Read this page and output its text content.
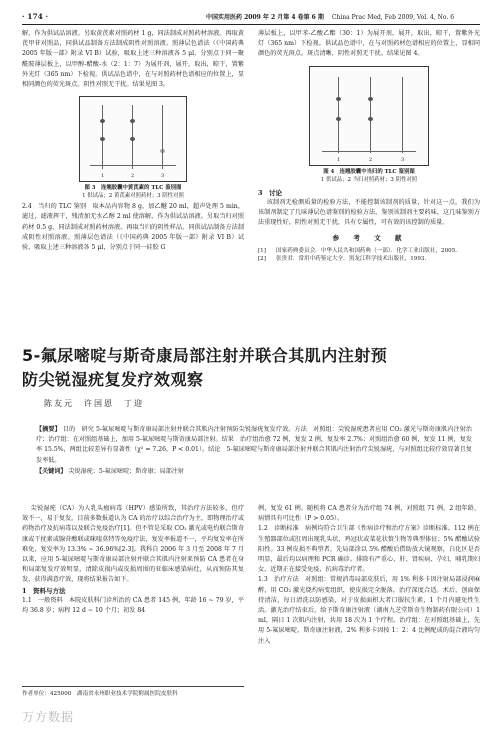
· 174 ·	中国实用医药 2009 年 2 月第 4 卷第 6 期 China Prac Med, Feb 2009, Vol. 4, No. 6

解，作为供试品溶液。另取黄芪素对照药材 1 g，同法制成对照药材溶液。再取黄芪甲苷对照品，同供试品制备方法制成阴性对照溶液。照薄层色谱法（《中国药典 2005 年版一部》附录 VI B）试验，吸取上述三种溶液各 5 μl，分别点于同一聚酰胺薄层板上，以甲醇-醋酸-水（2：1：7）为展开剂，展开，取出，晾干，置紫外光灯（365 nm）下检视。供试品色谱中，在与对照药材色谱相应的位置上，显相同颜色的荧光斑点。阴性对照无干扰。结果见图 3。

1	2	3
图 3　连翘胶囊中黄芪素的 TLC 鉴别图
1 供试品；2 黄芪素对照药材；3 阴性对照

2.4　当归的 TLC 鉴别　取本品内容物 8 g，加乙醚 20 ml，超声处理 5 min，滤过，滤液挥干，残渣加无水乙醇 2 ml 使溶解，作为供试品溶液。另取当归对照药材 0.5 g，同法制成对照药材溶液。再取当归的阴性样品，同供试品制备方法制成阴性对照溶液。照薄层色谱法（《中国药典 2005 年版一部》附录 VI B）试验，吸取上述三种溶液各 5 μl，分别点于同一硅胶 G

薄层板上，以甲苯-乙酸乙酯（30：1）为展开剂，展开，取出，晾干，置紫外光灯（365 nm）下检视。供试品色谱中，在与对照药材色谱相应的位置上，显相同颜色的荧光斑点。斑点清晰，阴性对照无干扰。结果见图 4。

1	2	3
图 4　连翘胶囊中当归的 TLC 鉴别图
1 供试品；2 当归对照药材；3 阴性对照
3　讨论

该制剂无检测质量的检验方法，不能控制该制剂的质量，针对这一点，我们为该制剂制定了几味薄层色谱鉴别的检验方法，鉴别该制剂主要药味，这几味鉴别方法重现性好，阴性对照无干扰，具有专属性，可有效的该控制的质量。

参　考　文　献
[1]	国家药典委员会．中华人民共和国药典（一部）．化学工业出版社，2005．
[2]	张贵君．常用中药鉴定大全．黑龙江科学技术出版社，1993．
5-氟尿嘧啶与斯奇康局部注射并联合其肌内注射预
防尖锐湿疣复发疗效观察
陈友元　许国恩　丁迎
【摘要】 目的　研究 5-氟尿嘧啶与斯奇康局部注射并联合其肌内注射预防尖锐湿疣复发疗效。方法　对照组：尖锐湿疣患者应用 CO₂ 激光与斯奇康肌内注射治疗；治疗组：在对照组基础上，加用 5-氟尿嘧啶与斯奇康局部注射。结果　治疗组治愈 72 例，复发 2 例，复发率 2.7%；对照组治愈 60 例，复发 11 例，复发率 15.5%，两组比较差异有显著性（χ² = 7.26，P < 0.01）。结论　5-氟尿嘧啶与斯奇康局部注射并联合其肌内注射治疗尖锐湿疣，与对照组比较疗效显著且复发率低。
【关键词】 尖锐湿疣；5-氟尿嘧啶；斯奇康；局部注射

尖锐湿疣（CA）为人乳头瘤病毒（HPV）感染所致，其治疗方法较多，但疗效不一，易于复发。目前多数报道认为 CA 的治疗以综合治疗为主，即物理治疗或药物治疗及抗病毒以及联合免疫治疗[1]。但不管是采取 CO₂ 激光或电灼联合斯奇康或干扰素或腺苷酸联或咪喹莫特等免疫疗法，复发率报道不一，平均复发率在所难免，复发率为 13.3% ~ 36.96%[2-3]。我科自 2006 年 3 月至 2008 年 7 月以来，应用 5-氟尿嘧啶与斯奇康局部注射并联合其肌内注射来预防 CA 患者在身和局部复发疗效明显，清除皮损内或皮损周围的亚临床感染病灶，从而预防其复发，获得满意疗效，现将结果报告如下。

1　资料与方法

1.1　一般资料　本院皮肤科门诊所治的 CA 患者 145 例，年龄 16 ~ 79 岁，平均 36.8 岁；病程 12 d ~ 10 个月；初发 84

例，复发 61 例。随机将 CA 患者分为治疗组 74 例，对照组 71 例。2 组年龄、病情具有可比性（P > 0.05）。

1.2　诊断标准　病例均符合卫生部《性病诊疗和治疗方案》诊断标准。112 例在生殖器部位或肛周出现乳头状、鸡冠状或菜花状赘生物等典型体征；5% 醋酸试验阳性。33 例皮损不典型者，先局部涂以 5% 醋酸后借助放大镜观察，白化区是否明显，最后均以病理和 PCR 确诊。排除有严重心、肝、肾疾病、孕妇、哺乳期妇女，近期正在接受免疫、抗病毒治疗者。

1.3　治疗方法　对照组：常规消毒局部皮肤后，用 1% 利多卡因注射局部浸润麻醉，用 CO₂ 激光烧灼病变组织，使皮损完全脱落，治疗深度合适。术后，创面保持清洁，每日清洗以防感染，对于皮损面积大者口服抗生素，1 个月内避免性生活。激光治疗结束后，给予斯奇康注射液（湖南九芝堂斯奇生物制药有限公司）1 ml，隔日 1 次肌内注射，共用 18 次为 1 个疗程。治疗组：在对照组基础上，先用 5-氟尿嘧啶、斯奇康注射液，2% 利多卡因按 1：2：4 比例配成的混合液均匀注入

作者单位：425000　湖南省永州职业技术学院附属医院皮肤科
万方数据
